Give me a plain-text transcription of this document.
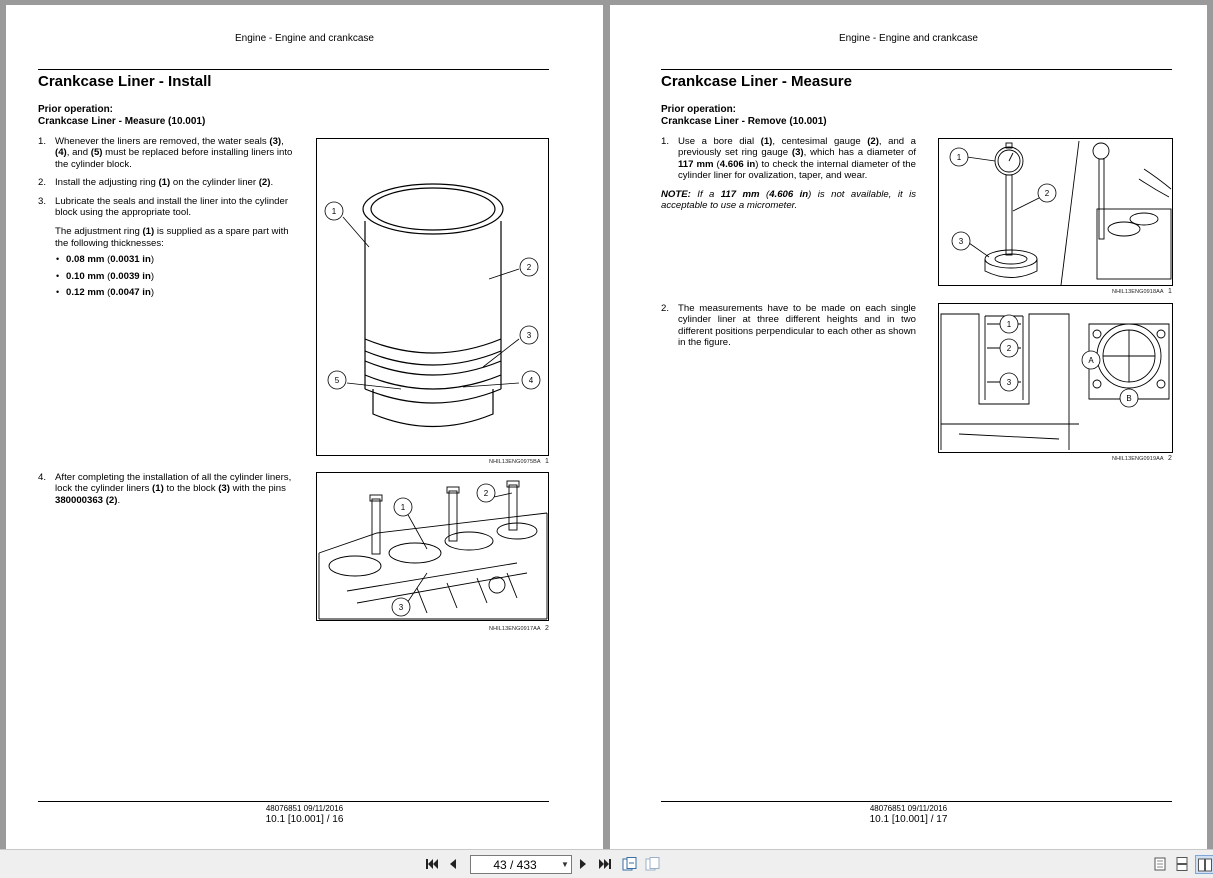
Engine - Engine and crankcase
Crankcase Liner - Install
Prior operation:
Crankcase Liner - Measure (10.001)
1. Whenever the liners are removed, the water seals (3), (4), and (5) must be replaced before installing liners into the cylinder block.
2. Install the adjusting ring (1) on the cylinder liner (2).
3. Lubricate the seals and install the liner into the cylinder block using the appropriate tool.
The adjustment ring (1) is supplied as a spare part with the following thicknesses:
• 0.08 mm (0.0031 in)
• 0.10 mm (0.0039 in)
• 0.12 mm (0.0047 in)
1
2
3
4
5
NHIL13ENG0975BA 1
4. After completing the installation of all the cylinder liners, lock the cylinder liners (1) to the block (3) with the pins 380000363 (2).
1
2
3
NHIL13ENG0917AA 2
48076851 09/11/2016
10.1 [10.001] / 16
Engine - Engine and crankcase
Crankcase Liner - Measure
Prior operation:
Crankcase Liner - Remove (10.001)
1. Use a bore dial (1), centesimal gauge (2), and a previously set ring gauge (3), which has a diameter of 117 mm (4.606 in) to check the internal diameter of the cylinder liner for ovalization, taper, and wear.
NOTE: If a 117 mm (4.606 in) is not available, it is acceptable to use a micrometer.
1
2
3
NHIL13ENG0918AA 1
2. The measurements have to be made on each single cylinder liner at three different heights and in two different positions perpendicular to each other as shown in the figure.
1
2
3
A
B
NHIL13ENG0919AA 2
48076851 09/11/2016
10.1 [10.001] / 17
43 / 433	▼
